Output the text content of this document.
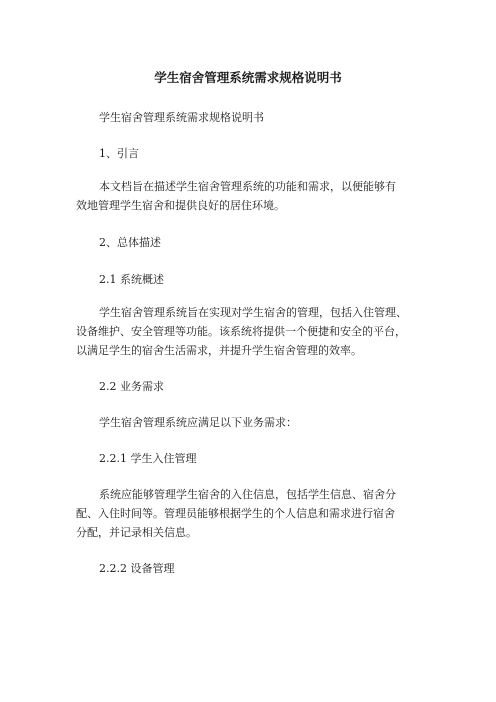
学生宿舍管理系统需求规格说明书
学生宿舍管理系统需求规格说明书
1、引言
本文档旨在描述学生宿舍管理系统的功能和需求，以便能够有
效地管理学生宿舍和提供良好的居住环境。
2、总体描述
2.1 系统概述
学生宿舍管理系统旨在实现对学生宿舍的管理，包括入住管理、
设备维护、安全管理等功能。该系统将提供一个便捷和安全的平台，
以满足学生的宿舍生活需求，并提升学生宿舍管理的效率。
2.2 业务需求
学生宿舍管理系统应满足以下业务需求：
2.2.1 学生入住管理
系统应能够管理学生宿舍的入住信息，包括学生信息、宿舍分
配、入住时间等。管理员能够根据学生的个人信息和需求进行宿舍
分配，并记录相关信息。
2.2.2 设备管理
